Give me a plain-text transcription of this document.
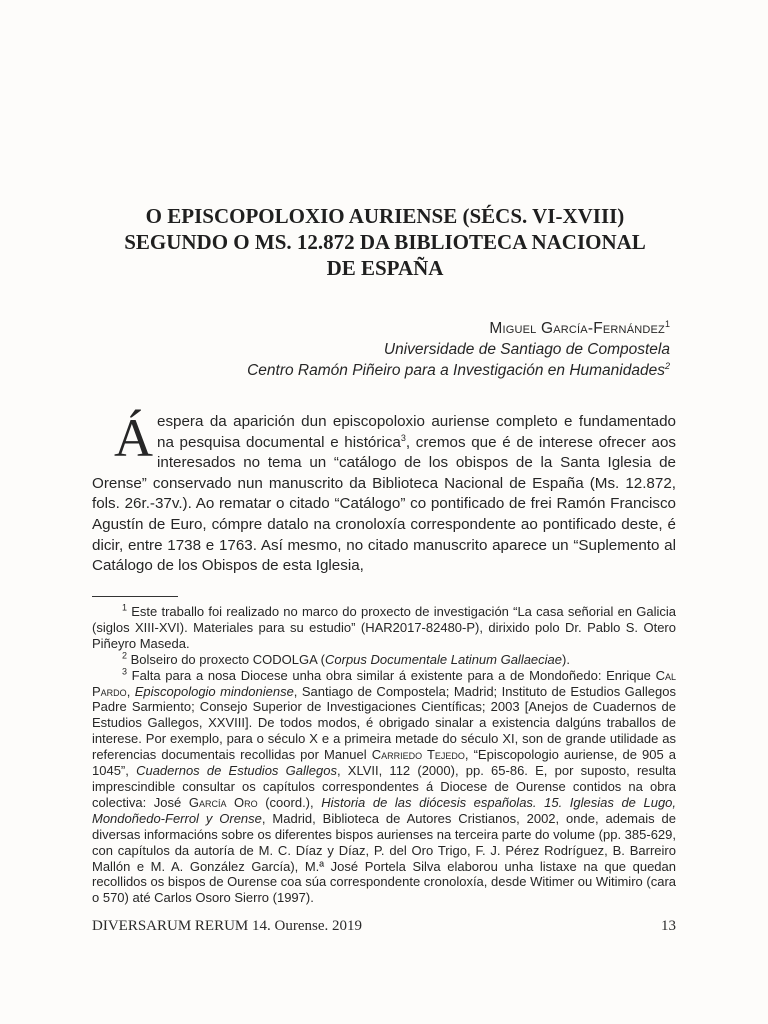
O EPISCOPOLOXIO AURIENSE (SÉCS. VI-XVIII)
SEGUNDO O MS. 12.872 DA BIBLIOTECA NACIONAL
DE ESPAÑA
Miguel García-Fernández$^1$
Universidade de Santiago de Compostela
Centro Ramón Piñeiro para a Investigación en Humanidades$^2$

Áespera da aparición dun episcopoloxio auriense completo e fundamentado na pesquisa documental e histórica$^3$, cremos que é de interese ofrecer aos interesados no tema un “catálogo de los obispos de la Santa Iglesia de Orense” conservado nun manuscrito da Biblioteca Nacional de España (Ms. 12.872, fols. 26r.-37v.). Ao rematar o citado “Catálogo” co pontificado de frei Ramón Francisco Agustín de Euro, cómpre datalo na cronoloxía correspondente ao pontificado deste, é dicir, entre 1738 e 1763. Así mesmo, no citado manuscrito aparece un “Suplemento al Catálogo de los Obispos de esta Iglesia,

$^1$ Este traballo foi realizado no marco do proxecto de investigación “La casa señorial en Galicia (siglos XIII-XVI). Materiales para su estudio” (HAR2017-82480-P), dirixido polo Dr. Pablo S. Otero Piñeyro Maseda.

$^2$ Bolseiro do proxecto CODOLGA (Corpus Documentale Latinum Gallaeciae).

$^3$ Falta para a nosa Diocese unha obra similar á existente para a de Mondoñedo: Enrique Cal Pardo, Episcopologio mindoniense, Santiago de Compostela; Madrid; Instituto de Estudios Gallegos Padre Sarmiento; Consejo Superior de Investigaciones Científicas; 2003 [Anejos de Cuadernos de Estudios Gallegos, XXVIII]. De todos modos, é obrigado sinalar a existencia dalgúns traballos de interese. Por exemplo, para o século X e a primeira metade do século XI, son de grande utilidade as referencias documentais recollidas por Manuel Carriedo Tejedo, “Episcopologio auriense, de 905 a 1045”, Cuadernos de Estudios Gallegos, XLVII, 112 (2000), pp. 65-86. E, por suposto, resulta imprescindible consultar os capítulos correspondentes á Diocese de Ourense contidos na obra colectiva: José García Oro (coord.), Historia de las diócesis españolas. 15. Iglesias de Lugo, Mondoñedo-Ferrol y Orense, Madrid, Biblioteca de Autores Cristianos, 2002, onde, ademais de diversas informacións sobre os diferentes bispos aurienses na terceira parte do volume (pp. 385-629, con capítulos da autoría de M. C. Díaz y Díaz, P. del Oro Trigo, F. J. Pérez Rodríguez, B. Barreiro Mallón e M. A. González García), M.ª José Portela Silva elaborou unha listaxe na que quedan recollidos os bispos de Ourense coa súa correspondente cronoloxía, desde Witimer ou Witimiro (cara o 570) até Carlos Osoro Sierro (1997).

DIVERSARUM RERUM 14. Ourense. 2019	13
